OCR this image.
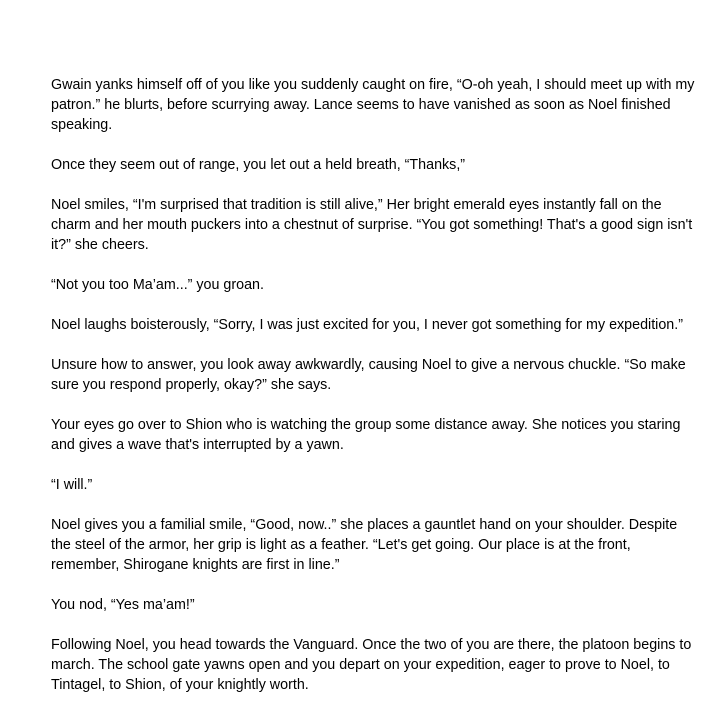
Gwain yanks himself off of you like you suddenly caught on fire, “O-oh yeah, I should meet up with my patron.” he blurts, before scurrying away. Lance seems to have vanished as soon as Noel finished speaking.

Once they seem out of range, you let out a held breath, “Thanks,”

Noel smiles, “I'm surprised that tradition is still alive,” Her bright emerald eyes instantly fall on the charm and her mouth puckers into a chestnut of surprise. “You got something! That's a good sign isn't it?” she cheers.

“Not you too Ma’am...” you groan.

Noel laughs boisterously, “Sorry, I was just excited for you, I never got something for my expedition.”

Unsure how to answer, you look away awkwardly, causing Noel to give a nervous chuckle. “So make sure you respond properly, okay?” she says.

Your eyes go over to Shion who is watching the group some distance away. She notices you staring and gives a wave that's interrupted by a yawn.

“I will.”

Noel gives you a familial smile, “Good, now..” she places a gauntlet hand on your shoulder. Despite the steel of the armor, her grip is light as a feather. “Let's get going. Our place is at the front, remember, Shirogane knights are first in line.”

You nod, “Yes ma’am!”

Following Noel, you head towards the Vanguard. Once the two of you are there, the platoon begins to march. The school gate yawns open and you depart on your expedition, eager to prove to Noel, to Tintagel, to Shion, of your knightly worth.
